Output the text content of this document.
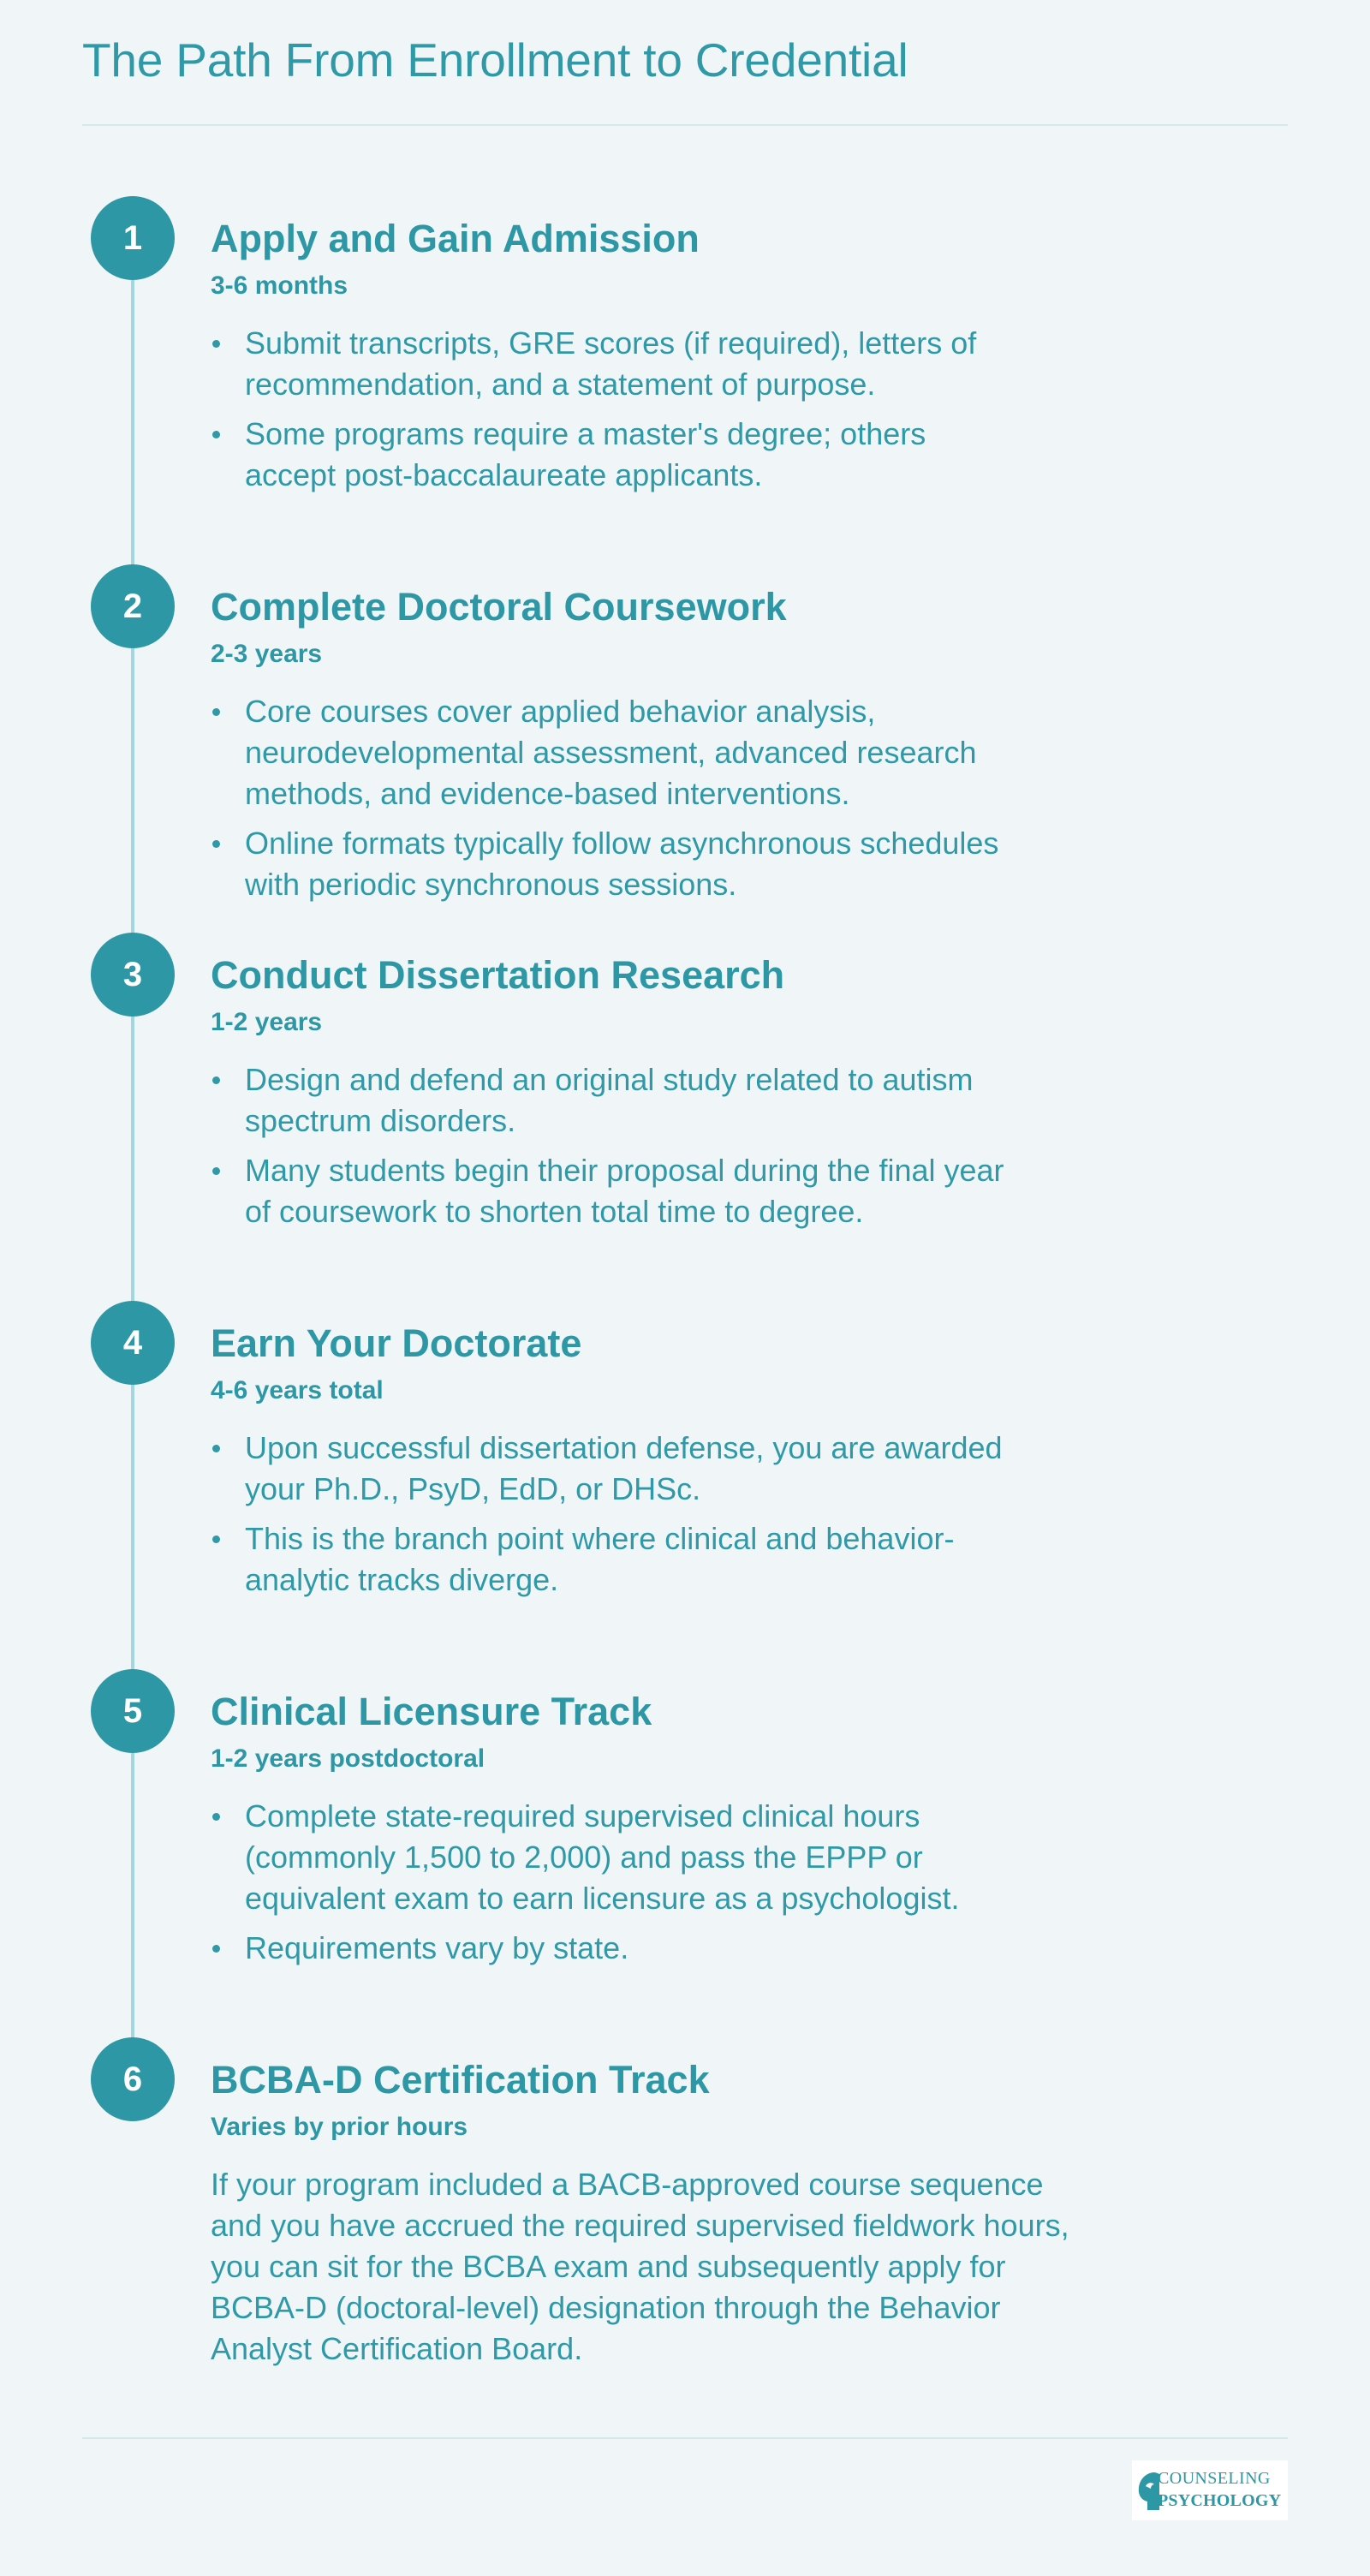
The Path From Enrollment to Credential
1	Apply and Gain Admission
3-6 months
Submit transcripts, GRE scores (if required), letters of recommendation, and a statement of purpose.
Some programs require a master's degree; others accept post-baccalaureate applicants.
2	Complete Doctoral Coursework
2-3 years
Core courses cover applied behavior analysis, neurodevelopmental assessment, advanced research methods, and evidence-based interventions.
Online formats typically follow asynchronous schedules with periodic synchronous sessions.
3	Conduct Dissertation Research
1-2 years
Design and defend an original study related to autism spectrum disorders.
Many students begin their proposal during the final year of coursework to shorten total time to degree.
4	Earn Your Doctorate
4-6 years total
Upon successful dissertation defense, you are awarded your Ph.D., PsyD, EdD, or DHSc.
This is the branch point where clinical and behavior-analytic tracks diverge.
5	Clinical Licensure Track
1-2 years postdoctoral
Complete state-required supervised clinical hours (commonly 1,500 to 2,000) and pass the EPPP or equivalent exam to earn licensure as a psychologist.
Requirements vary by state.
6	BCBA-D Certification Track
Varies by prior hours

If your program included a BACB-approved course sequence and you have accrued the required supervised fieldwork hours, you can sit for the BCBA exam and subsequently apply for BCBA-D (doctoral-level) designation through the Behavior Analyst Certification Board.

COUNSELING
PSYCHOLOGY
